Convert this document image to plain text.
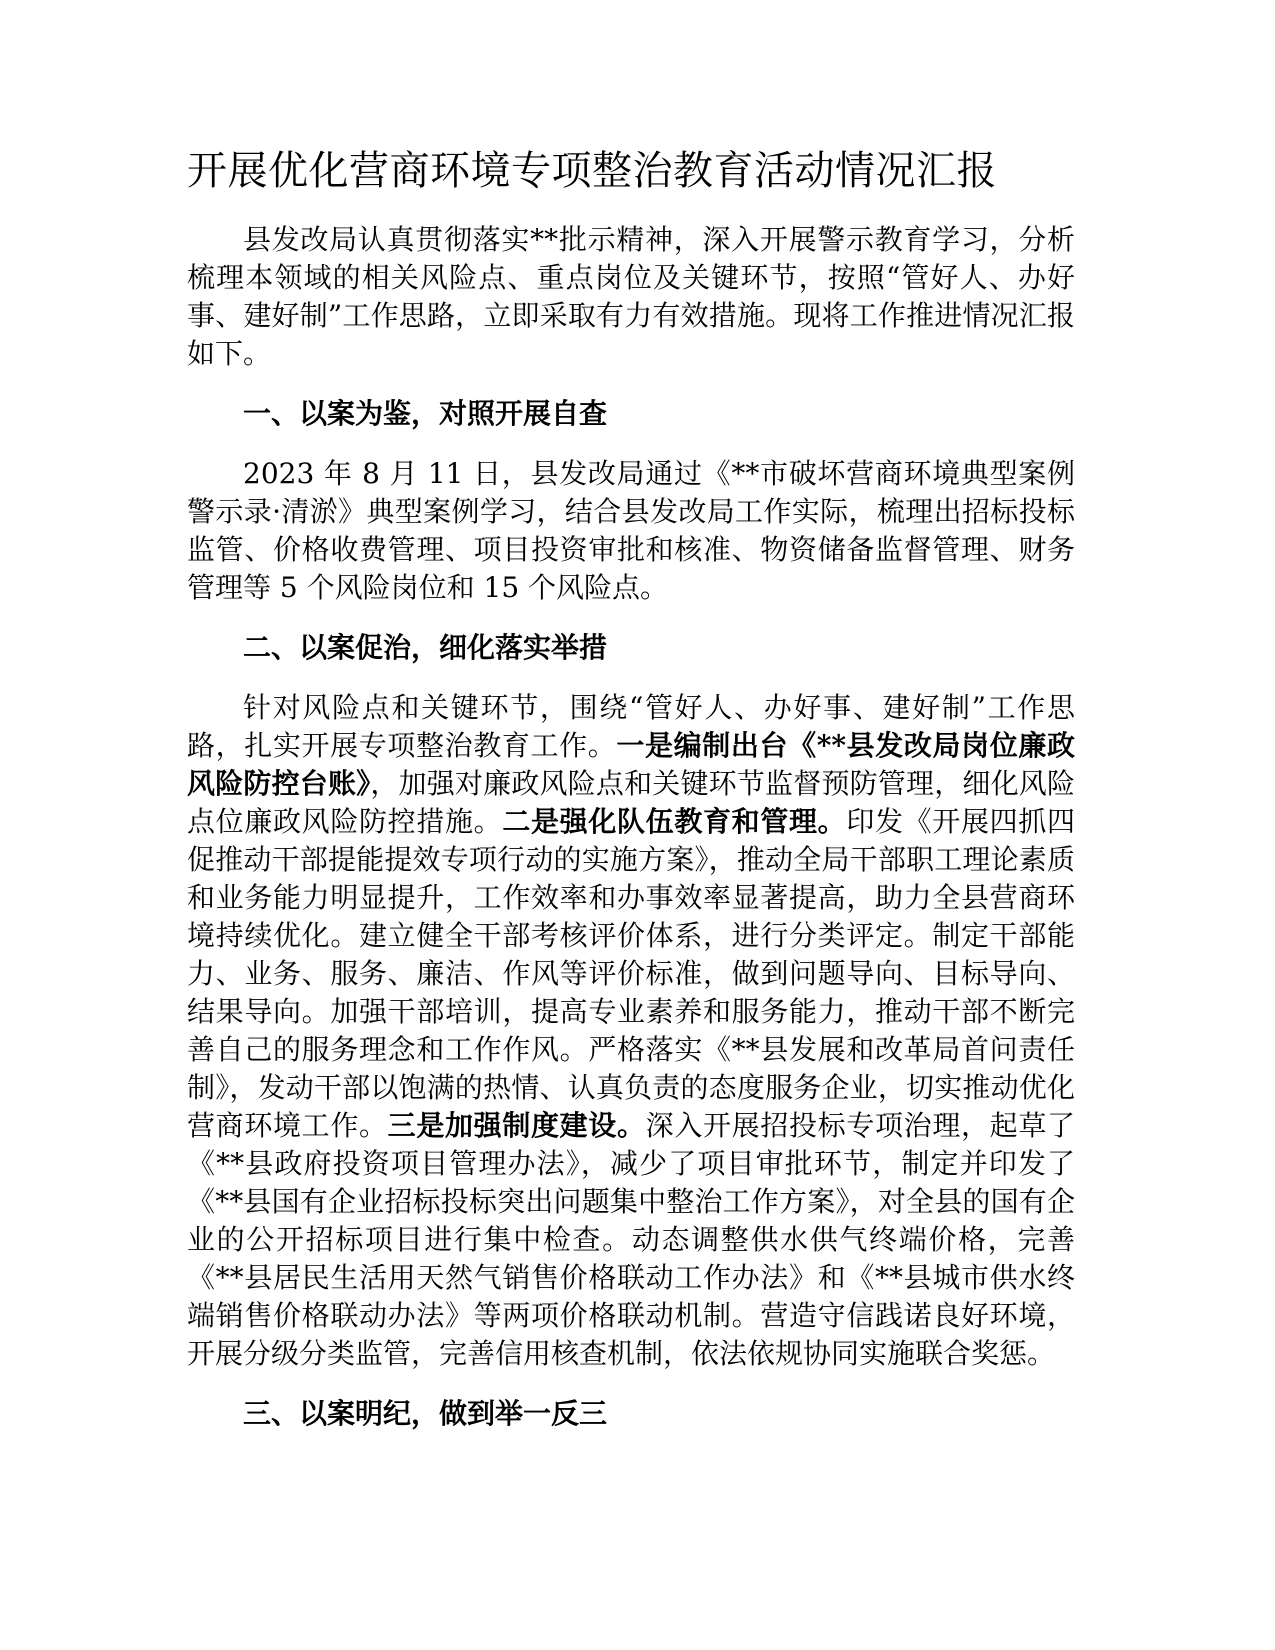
开展优化营商环境专项整治教育活动情况汇报

县发改局认真贯彻落实**批示精神，深入开展警示教育学习，分析梳理本领域的相关风险点、重点岗位及关键环节，按照“管好人、办好事、建好制”工作思路，立即采取有力有效措施。现将工作推进情况汇报如下。

一、以案为鉴，对照开展自查

2023 年 8 月 11 日，县发改局通过《**市破坏营商环境典型案例警示录·清淤》典型案例学习，结合县发改局工作实际，梳理出招标投标监管、价格收费管理、项目投资审批和核准、物资储备监督管理、财务管理等 5 个风险岗位和 15 个风险点。

二、以案促治，细化落实举措

针对风险点和关键环节，围绕“管好人、办好事、建好制”工作思路，扎实开展专项整治教育工作。一是编制出台《**县发改局岗位廉政风险防控台账》，加强对廉政风险点和关键环节监督预防管理，细化风险点位廉政风险防控措施。二是强化队伍教育和管理。印发《开展四抓四促推动干部提能提效专项行动的实施方案》，推动全局干部职工理论素质和业务能力明显提升，工作效率和办事效率显著提高，助力全县营商环境持续优化。建立健全干部考核评价体系，进行分类评定。制定干部能力、业务、服务、廉洁、作风等评价标准，做到问题导向、目标导向、结果导向。加强干部培训，提高专业素养和服务能力，推动干部不断完善自己的服务理念和工作作风。严格落实《**县发展和改革局首问责任制》，发动干部以饱满的热情、认真负责的态度服务企业，切实推动优化营商环境工作。三是加强制度建设。深入开展招投标专项治理，起草了《**县政府投资项目管理办法》，减少了项目审批环节，制定并印发了《**县国有企业招标投标突出问题集中整治工作方案》，对全县的国有企业的公开招标项目进行集中检查。动态调整供水供气终端价格，完善《**县居民生活用天然气销售价格联动工作办法》和《**县城市供水终端销售价格联动办法》等两项价格联动机制。营造守信践诺良好环境，开展分级分类监管，完善信用核查机制，依法依规协同实施联合奖惩。

三、以案明纪，做到举一反三
